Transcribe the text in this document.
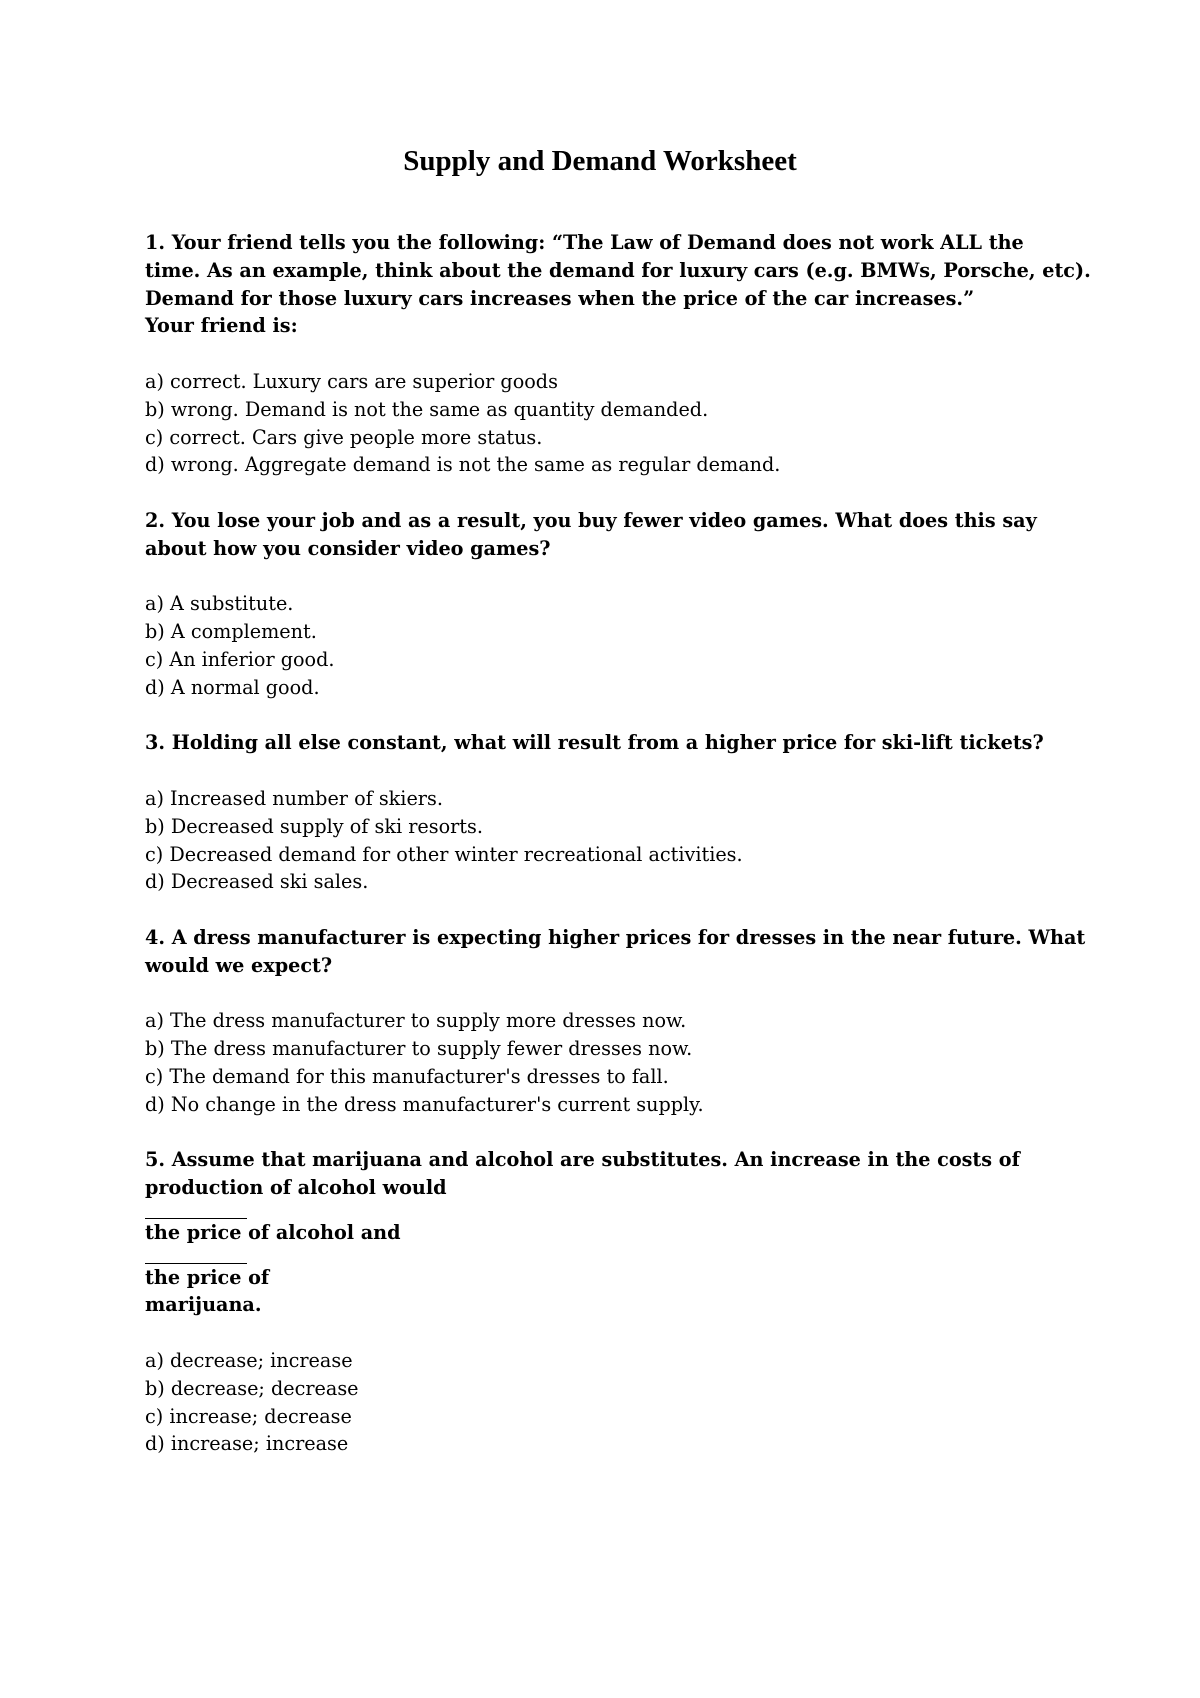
Supply and Demand Worksheet

1. Your friend tells you the following: “The Law of Demand does not work ALL the
time. As an example, think about the demand for luxury cars (e.g. BMWs, Porsche, etc).
Demand for those luxury cars increases when the price of the car increases.”
Your friend is:

a) correct. Luxury cars are superior goods
b) wrong. Demand is not the same as quantity demanded.
c) correct. Cars give people more status.
d) wrong. Aggregate demand is not the same as regular demand.

2. You lose your job and as a result, you buy fewer video games. What does this say
about how you consider video games?

a) A substitute.
b) A complement.
c) An inferior good.
d) A normal good.

3. Holding all else constant, what will result from a higher price for ski-lift tickets?

a) Increased number of skiers.
b) Decreased supply of ski resorts.
c) Decreased demand for other winter recreational activities.
d) Decreased ski sales.

4. A dress manufacturer is expecting higher prices for dresses in the near future. What
would we expect?

a) The dress manufacturer to supply more dresses now.
b) The dress manufacturer to supply fewer dresses now.
c) The demand for this manufacturer's dresses to fall.
d) No change in the dress manufacturer's current supply.

5. Assume that marijuana and alcohol are substitutes. An increase in the costs of
production of alcohol would
the price of alcohol and
the price of
marijuana.

a) decrease; increase
b) decrease; decrease
c) increase; decrease
d) increase; increase
